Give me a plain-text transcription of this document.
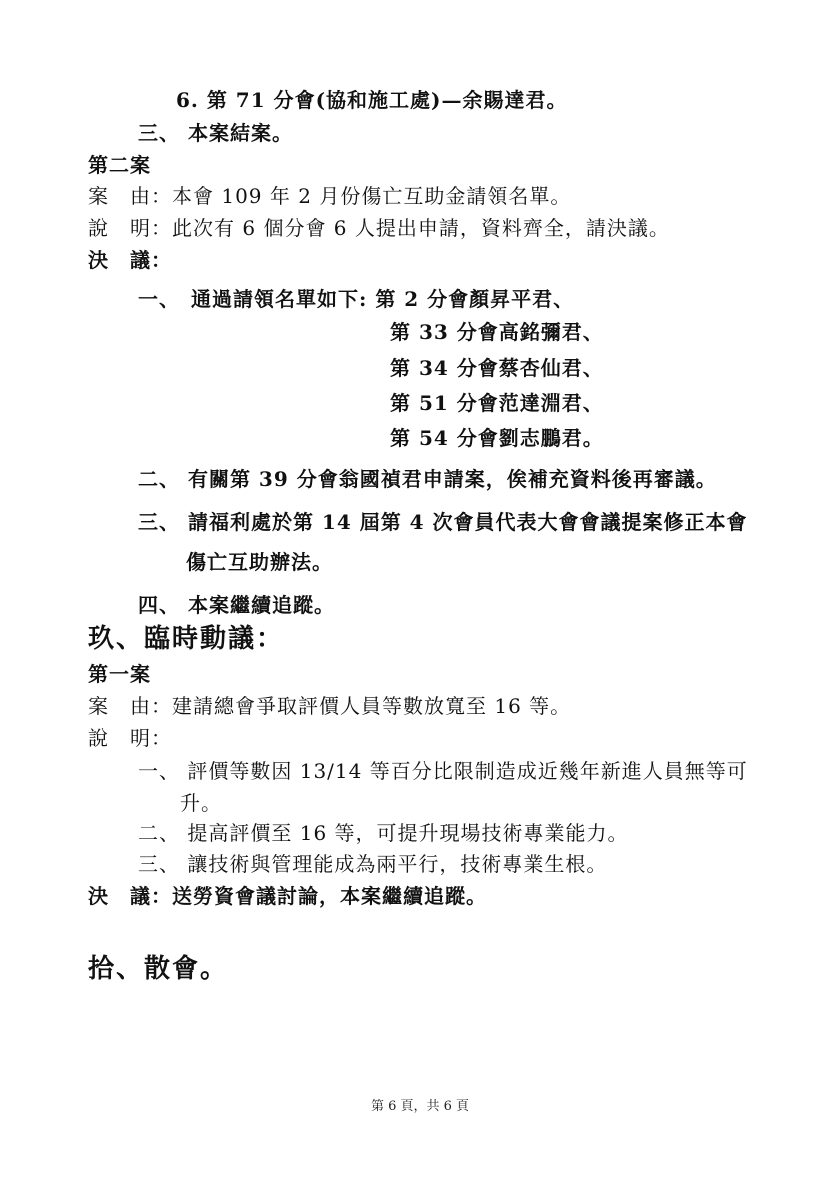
6. 第 71 分會(協和施工處)—余賜達君。
三、 本案結案。
第二案
案　由：本會 109 年 2 月份傷亡互助金請領名單。
說　明：此次有 6 個分會 6 人提出申請，資料齊全，請決議。
決　議：
一、　通過請領名單如下: 第 2 分會顏昇平君、
第 33 分會高銘彌君、
第 34 分會蔡杏仙君、
第 51 分會范達淵君、
第 54 分會劉志鵬君。
二、 有關第 39 分會翁國禎君申請案，俟補充資料後再審議。
三、 請福利處於第 14 屆第 4 次會員代表大會會議提案修正本會
傷亡互助辦法。
四、 本案繼續追蹤。
玖、臨時動議：
第一案
案　由：建請總會爭取評價人員等數放寬至 16 等。
說　明：
一、 評價等數因 13/14 等百分比限制造成近幾年新進人員無等可
升。
二、 提高評價至 16 等，可提升現場技術專業能力。
三、 讓技術與管理能成為兩平行，技術專業生根。
決　議：送勞資會議討論，本案繼續追蹤。
拾、散會。
第 6 頁，共 6 頁
